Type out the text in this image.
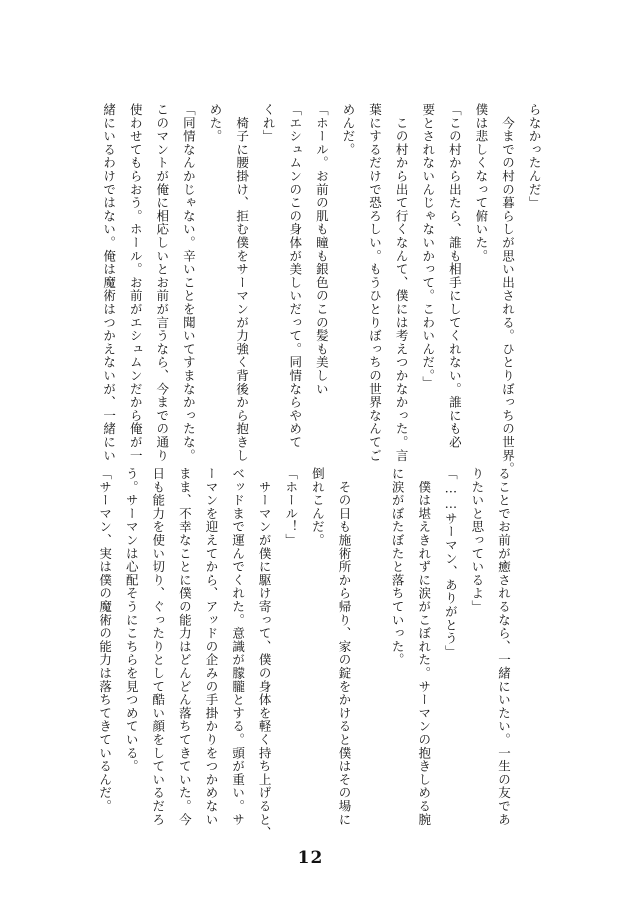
らなかったんだ」
　今までの村の暮らしが思い出される。ひとりぼっちの世界。
僕は悲しくなって俯いた。
「この村から出たら、誰も相手にしてくれない。誰にも必
要とされないんじゃないかって。こわいんだ。」
　この村から出て行くなんて、僕には考えつかなかった。言
葉にするだけで恐ろしい。もうひとりぼっちの世界なんてご
めんだ。
「ホール。お前の肌も瞳も銀色のこの髪も美しい
「エシュムンのこの身体が美しいだって。同情ならやめて
くれ」
　椅子に腰掛け、拒む僕をサーマンが力強く背後から抱きし
めた。
「同情なんかじゃない。辛いことを聞いてすまなかったな。
このマントが俺に相応しいとお前が言うなら、今までの通り
使わせてもらおう。ホール。お前がエシュムンだから俺が一
緒にいるわけではない。俺は魔術はつかえないが、一緒にい
ることでお前が癒されるなら、一緒にいたい。一生の友であ
りたいと思っているよ」
「……サーマン、ありがとう」
　僕は堪えきれずに涙がこぼれた。サーマンの抱きしめる腕
に涙がぼたぼたと落ちていった。

　その日も施術所から帰り、家の錠をかけると僕はその場に
倒れこんだ。
「ホール！」
　サーマンが僕に駆け寄って、僕の身体を軽く持ち上げると、
ベッドまで運んでくれた。意識が朦朧とする。頭が重い。サ
ーマンを迎えてから、アッドの企みの手掛かりをつかめない
まま、不幸なことに僕の能力はどんどん落ちてきていた。今
日も能力を使い切り、ぐったりとして酷い顔をしているだろ
う。サーマンは心配そうにこちらを見つめている。
「サーマン、実は僕の魔術の能力は落ちてきているんだ。
12
